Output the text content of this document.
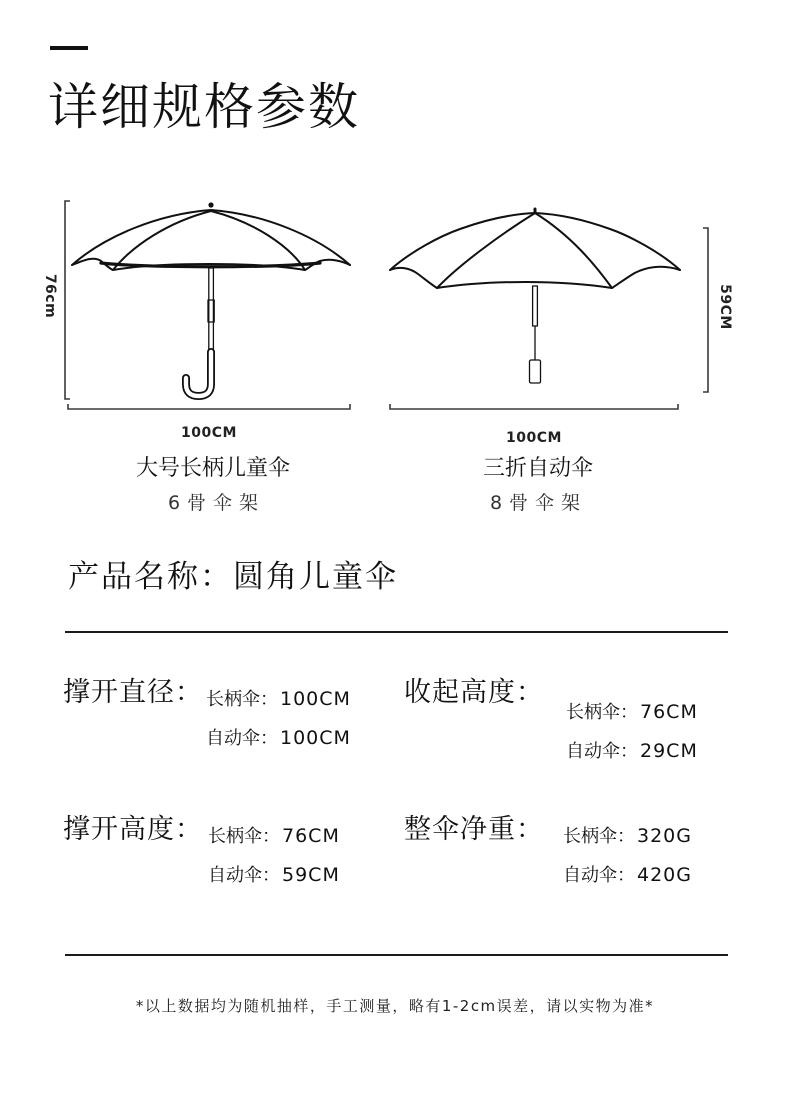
详细规格参数
76cm
100CM
59CM
100CM
大号长柄儿童伞
6骨伞架
三折自动伞
8骨伞架
产品名称：圆角儿童伞
撑开直径： 长柄伞： 100CM
自动伞： 100CM
收起高度：
长柄伞： 76CM
自动伞： 29CM
撑开高度： 长柄伞： 76CM
自动伞： 59CM
整伞净重： 长柄伞： 320G
自动伞： 420G
*以上数据均为随机抽样，手工测量，略有1-2cm误差，请以实物为准*
